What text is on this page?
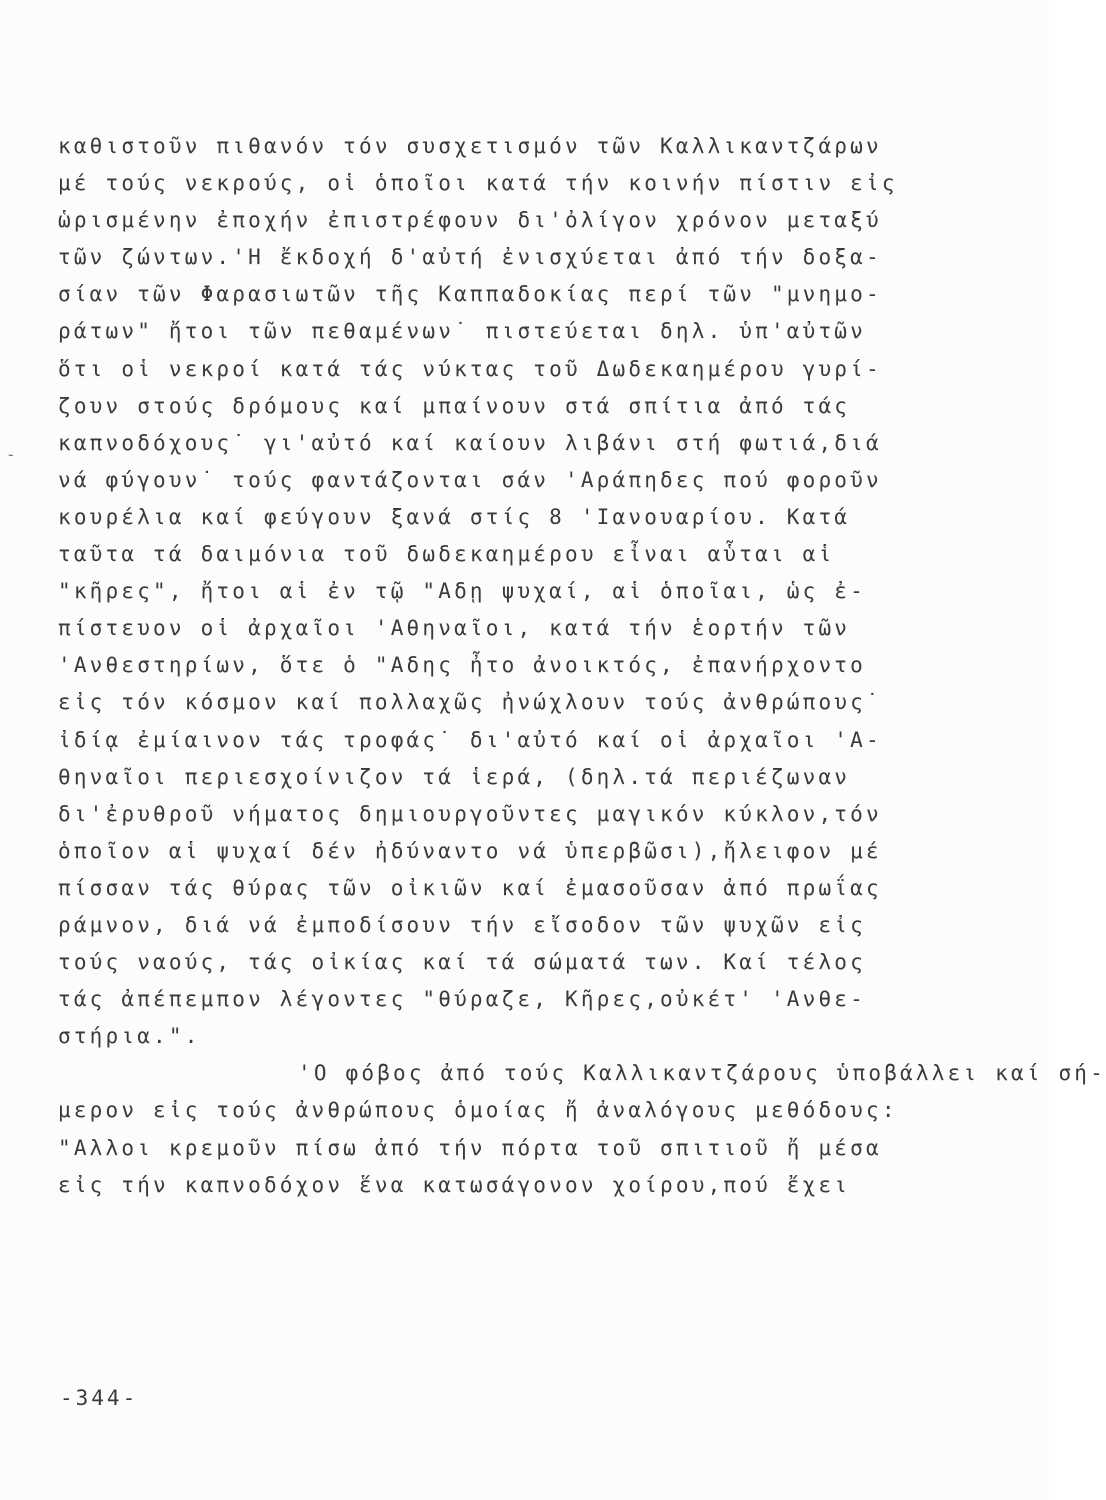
-
καθιστοῦν πιθανόν τόν συσχετισμόν τῶν Καλλικαντζάρων
μέ τούς νεκρούς, οἱ ὁποῖοι κατά τήν κοινήν πίστιν εἰς
ὡρισμένην ἐποχήν ἐπιστρέφουν δι'ὀλίγον χρόνον μεταξύ
τῶν ζώντων.'Η ἔκδοχή δ'αὐτή ἐνισχύεται ἀπό τήν δοξα-
σίαν τῶν Φαρασιωτῶν τῆς Καππαδοκίας περί τῶν "μνημο-
ράτων" ἤτοι τῶν πεθαμένων˙ πιστεύεται δηλ. ὑπ'αὐτῶν
ὅτι οἱ νεκροί κατά τάς νύκτας τοῦ Δωδεκαημέρου γυρί-
ζουν στούς δρόμους καί μπαίνουν στά σπίτια ἀπό τάς
καπνοδόχους˙ γι'αὐτό καί καίουν λιβάνι στή φωτιά,διά
νά φύγουν˙ τούς φαντάζονται σάν 'Αράπηδες πού φοροῦν
κουρέλια καί φεύγουν ξανά στίς 8 'Ιανουαρίου. Κατά
ταῦτα τά δαιμόνια τοῦ δωδεκαημέρου εἶναι αὗται αἱ
"κῆρες", ἤτοι αἱ ἐν τῷ "Αδῃ ψυχαί, αἱ ὁποῖαι, ὡς ἐ-
πίστευον οἱ ἀρχαῖοι 'Αθηναῖοι, κατά τήν ἑορτήν τῶν
'Ανθεστηρίων, ὅτε ὁ "Αδης ἦτο ἀνοικτός, ἐπανήρχοντο
εἰς τόν κόσμον καί πολλαχῶς ἠνώχλουν τούς ἀνθρώπους˙
ἰδίᾳ ἐμίαινον τάς τροφάς˙ δι'αὐτό καί οἱ ἀρχαῖοι 'Α-
θηναῖοι περιεσχοίνιζον τά ἱερά, (δηλ.τά περιέζωναν
δι'ἐρυθροῦ νήματος δημιουργοῦντες μαγικόν κύκλον,τόν
ὁποῖον αἱ ψυχαί δέν ἠδύναντο νά ὑπερβῶσι),ἤλειφον μέ
πίσσαν τάς θύρας τῶν οἰκιῶν καί ἐμασοῦσαν ἀπό πρωΐας
ράμνον, διά νά ἐμποδίσουν τήν εἴσοδον τῶν ψυχῶν εἰς
τούς ναούς, τάς οἰκίας καί τά σώματά των. Καί τέλος
τάς ἀπέπεμπον λέγοντες "θύραζε, Κῆρες,οὐκέτ' 'Ανθε-
στήρια.".
'Ο φόβος ἀπό τούς Καλλικαντζάρους ὑποβάλλει καί σή-
μερον εἰς τούς ἀνθρώπους ὁμοίας ἤ ἀναλόγους μεθόδους:
"Αλλοι κρεμοῦν πίσω ἀπό τήν πόρτα τοῦ σπιτιοῦ ἤ μέσα
εἰς τήν καπνοδόχον ἕνα κατωσάγονον χοίρου,πού ἔχει
-344-
